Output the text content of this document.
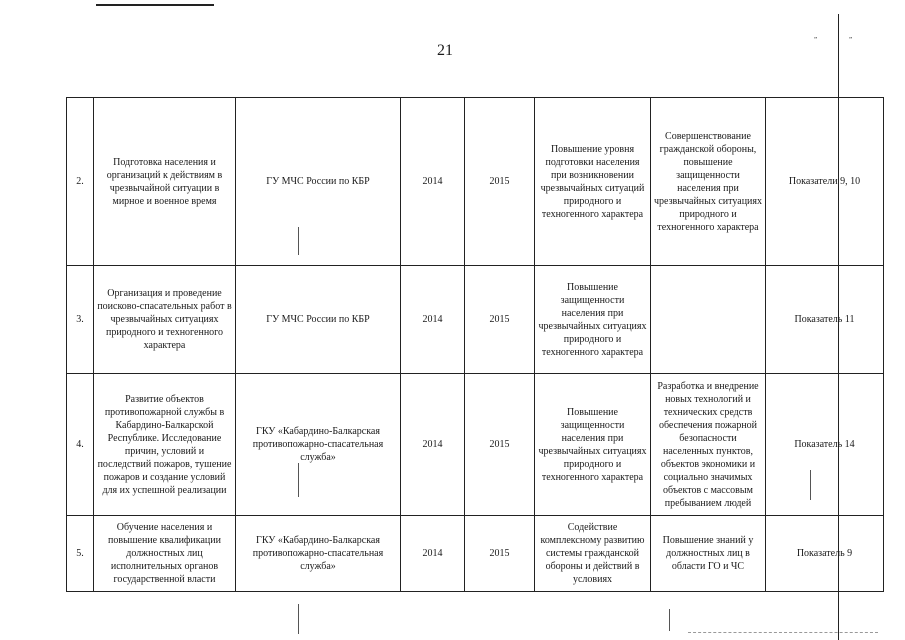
21
”	”
2.	Подготовка населения и организаций к действиям в чрезвычайной ситуации в мирное и военное время	ГУ МЧС России по КБР	2014	2015	Повышение уровня подготовки населения при возникновении чрезвычайных ситуаций природного и техногенного характера	Совершенствование гражданской обороны, повышение защищенности населения при чрезвычайных ситуациях природного и техногенного характера	Показатели 9, 10
3.	Организация и проведение поисково-спасательных работ в чрезвычайных ситуациях природного и техногенного характера	ГУ МЧС России по КБР	2014	2015	Повышение защищенности населения при чрезвычайных ситуациях природного и техногенного характера		Показатель 11
4.	Развитие объектов противопожарной службы в Кабардино-Балкарской Республике. Исследование причин, условий и последствий пожаров, тушение пожаров и создание условий для их успешной реализации	ГКУ «Кабардино-Балкарская противопожарно-спасательная служба»	2014	2015	Повышение защищенности населения при чрезвычайных ситуациях природного и техногенного характера	Разработка и внедрение новых технологий и технических средств обеспечения пожарной безопасности населенных пунктов, объектов экономики и социально значимых объектов с массовым пребыванием людей	Показатель 14
5.	Обучение населения и повышение квалификации должностных лиц исполнительных органов государственной власти	ГКУ «Кабардино-Балкарская противопожарно-спасательная служба»	2014	2015	Содействие комплексному развитию системы гражданской обороны и действий в условиях	Повышение знаний у должностных лиц в области ГО и ЧС	Показатель 9
